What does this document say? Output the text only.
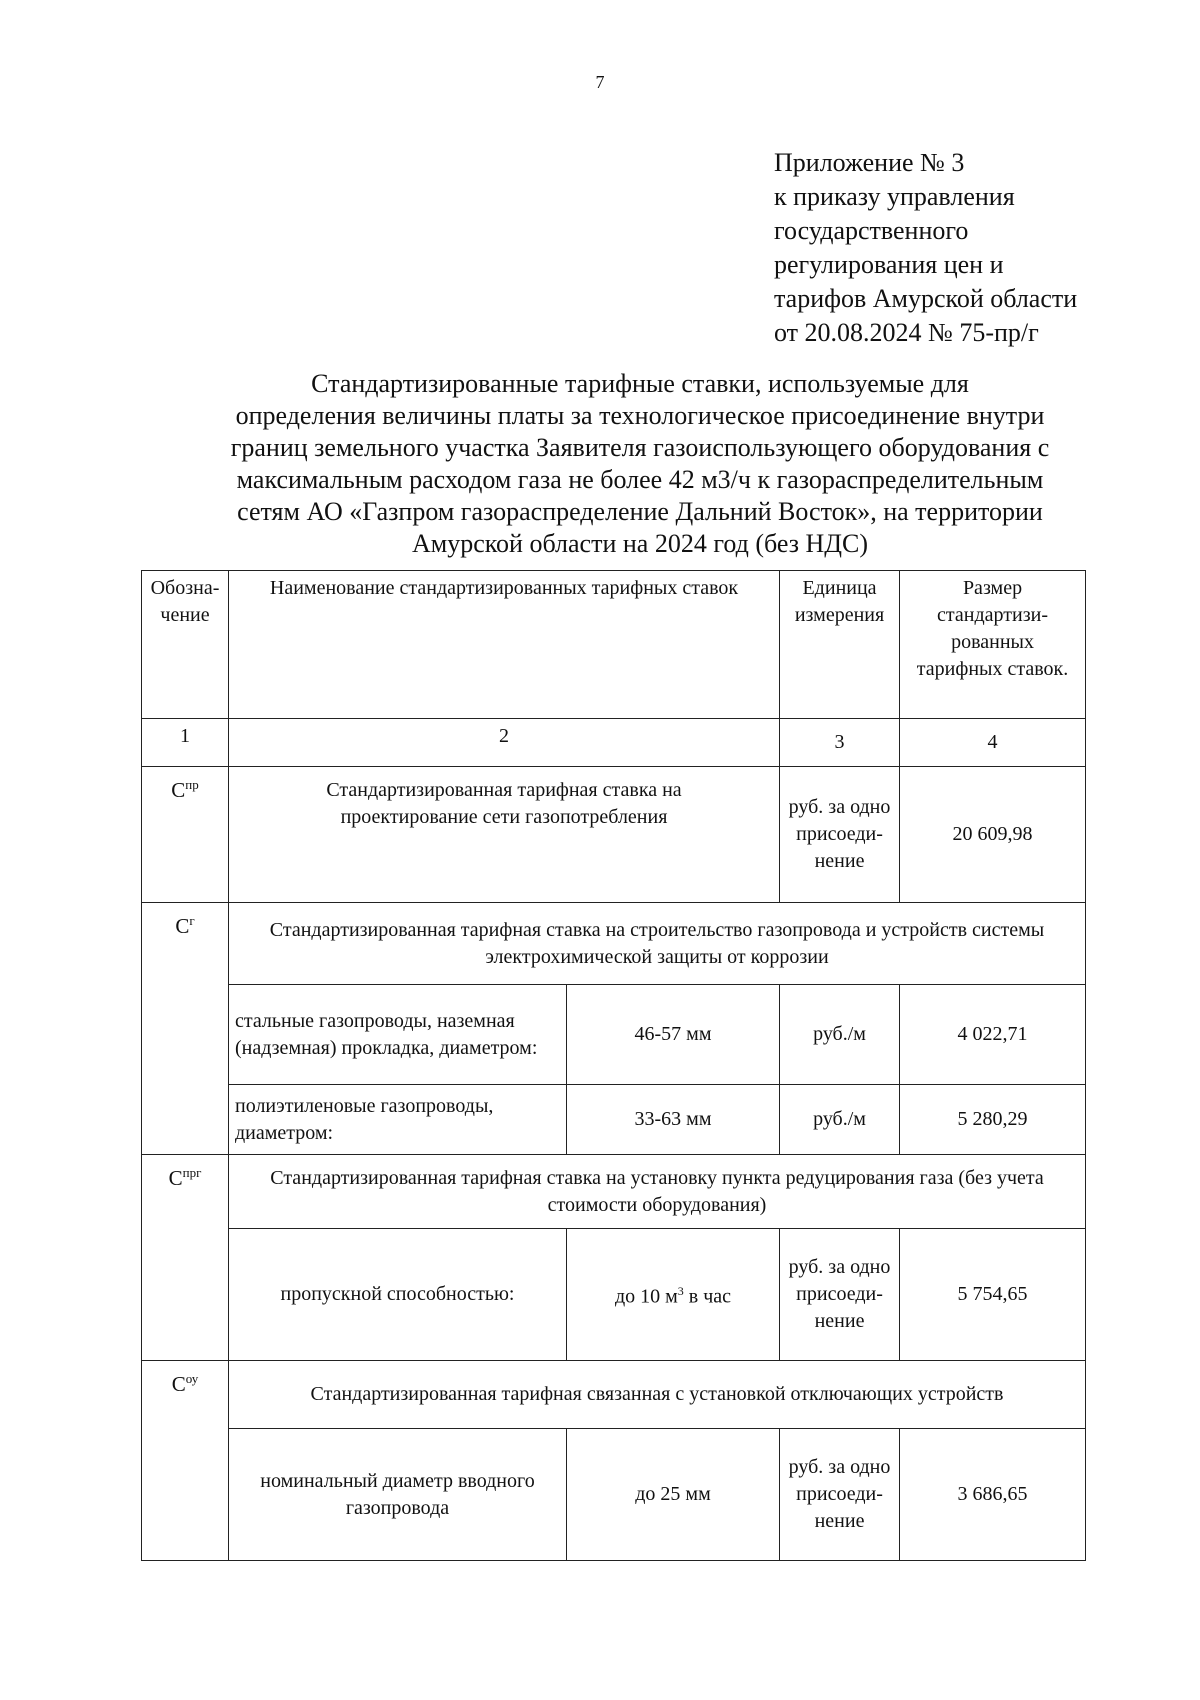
7
Приложение № 3
к приказу управления
государственного
регулирования цен и
тарифов Амурской области
от 20.08.2024 № 75-пр/г
Стандартизированные тарифные ставки, используемые для
определения величины платы за технологическое присоединение внутри
границ земельного участка Заявителя газоиспользующего оборудования с
максимальным расходом газа не более 42 м3/ч к газораспределительным
сетям АО «Газпром газораспределение Дальний Восток», на территории
Амурской области на 2024 год (без НДС)
Обозна-чение	Наименование стандартизированных тарифных ставок		Единица измерения	Размер стандартизи-рованных тарифных ставок.
1	2		3	4
$С^{пр}$	Стандартизированная тарифная ставка на проектирование сети газопотребления		руб. за одно присоеди-нение	20 609,98
$С^г$	Стандартизированная тарифная ставка на строительство газопровода и устройств системы электрохимической защиты от коррозии			
	стальные газопроводы, наземная (надземная) прокладка, диаметром:	46-57 мм	руб./м	4 022,71
	полиэтиленовые газопроводы, диаметром:	33-63 мм	руб./м	5 280,29
$С^{прг}$	Стандартизированная тарифная ставка на установку пункта редуцирования газа (без учета стоимости оборудования)			
	пропускной способностью:	до 10 $м^3$ в час	руб. за одно присоеди-нение	5 754,65
$С^{оу}$	Стандартизированная тарифная связанная с установкой отключающих устройств			
	номинальный диаметр вводного газопровода	до 25 мм	руб. за одно присоеди-нение	3 686,65
